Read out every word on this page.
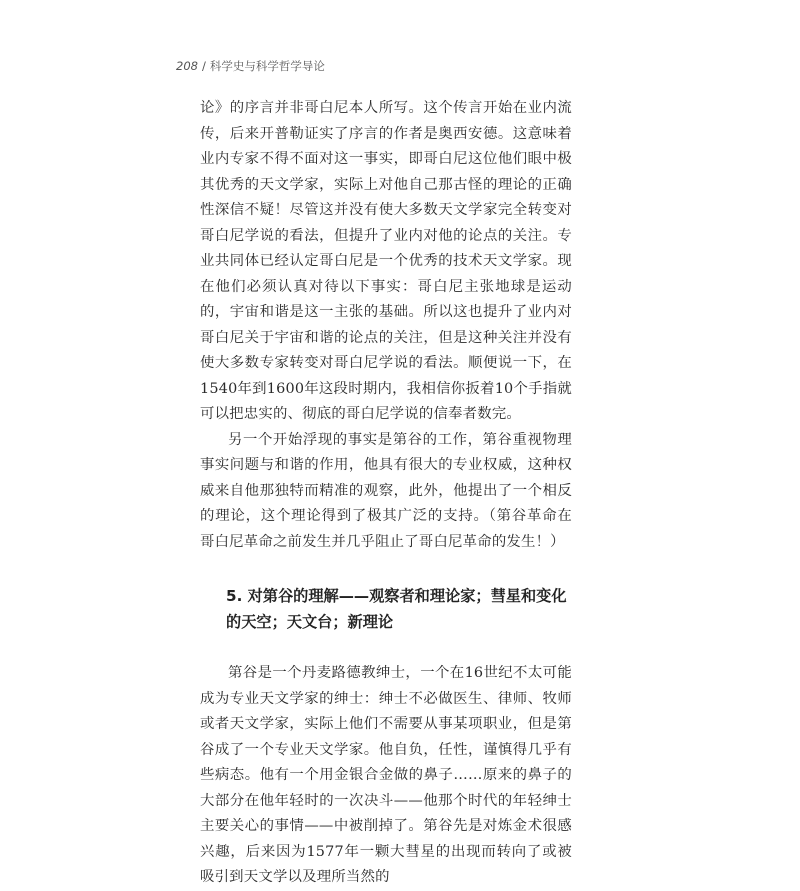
208 / 科学史与科学哲学导论

论》的序言并非哥白尼本人所写。这个传言开始在业内流传，后来开普勒证实了序言的作者是奥西安德。这意味着业内专家不得不面对这一事实，即哥白尼这位他们眼中极其优秀的天文学家，实际上对他自己那古怪的理论的正确性深信不疑！尽管这并没有使大多数天文学家完全转变对哥白尼学说的看法，但提升了业内对他的论点的关注。专业共同体已经认定哥白尼是一个优秀的技术天文学家。现在他们必须认真对待以下事实：哥白尼主张地球是运动的，宇宙和谐是这一主张的基础。所以这也提升了业内对哥白尼关于宇宙和谐的论点的关注，但是这种关注并没有使大多数专家转变对哥白尼学说的看法。顺便说一下，在1540年到1600年这段时期内，我相信你扳着10个手指就可以把忠实的、彻底的哥白尼学说的信奉者数完。

另一个开始浮现的事实是第谷的工作，第谷重视物理事实问题与和谐的作用，他具有很大的专业权威，这种权威来自他那独特而精准的观察，此外，他提出了一个相反的理论，这个理论得到了极其广泛的支持。（第谷革命在哥白尼革命之前发生并几乎阻止了哥白尼革命的发生！）

5. 对第谷的理解——观察者和理论家；彗星和变化的天空；天文台；新理论

第谷是一个丹麦路德教绅士，一个在16世纪不太可能成为专业天文学家的绅士：绅士不必做医生、律师、牧师或者天文学家，实际上他们不需要从事某项职业，但是第谷成了一个专业天文学家。他自负，任性，谨慎得几乎有些病态。他有一个用金银合金做的鼻子……原来的鼻子的大部分在他年轻时的一次决斗——他那个时代的年轻绅士主要关心的事情——中被削掉了。第谷先是对炼金术很感兴趣，后来因为1577年一颗大彗星的出现而转向了或被吸引到天文学以及理所当然的
